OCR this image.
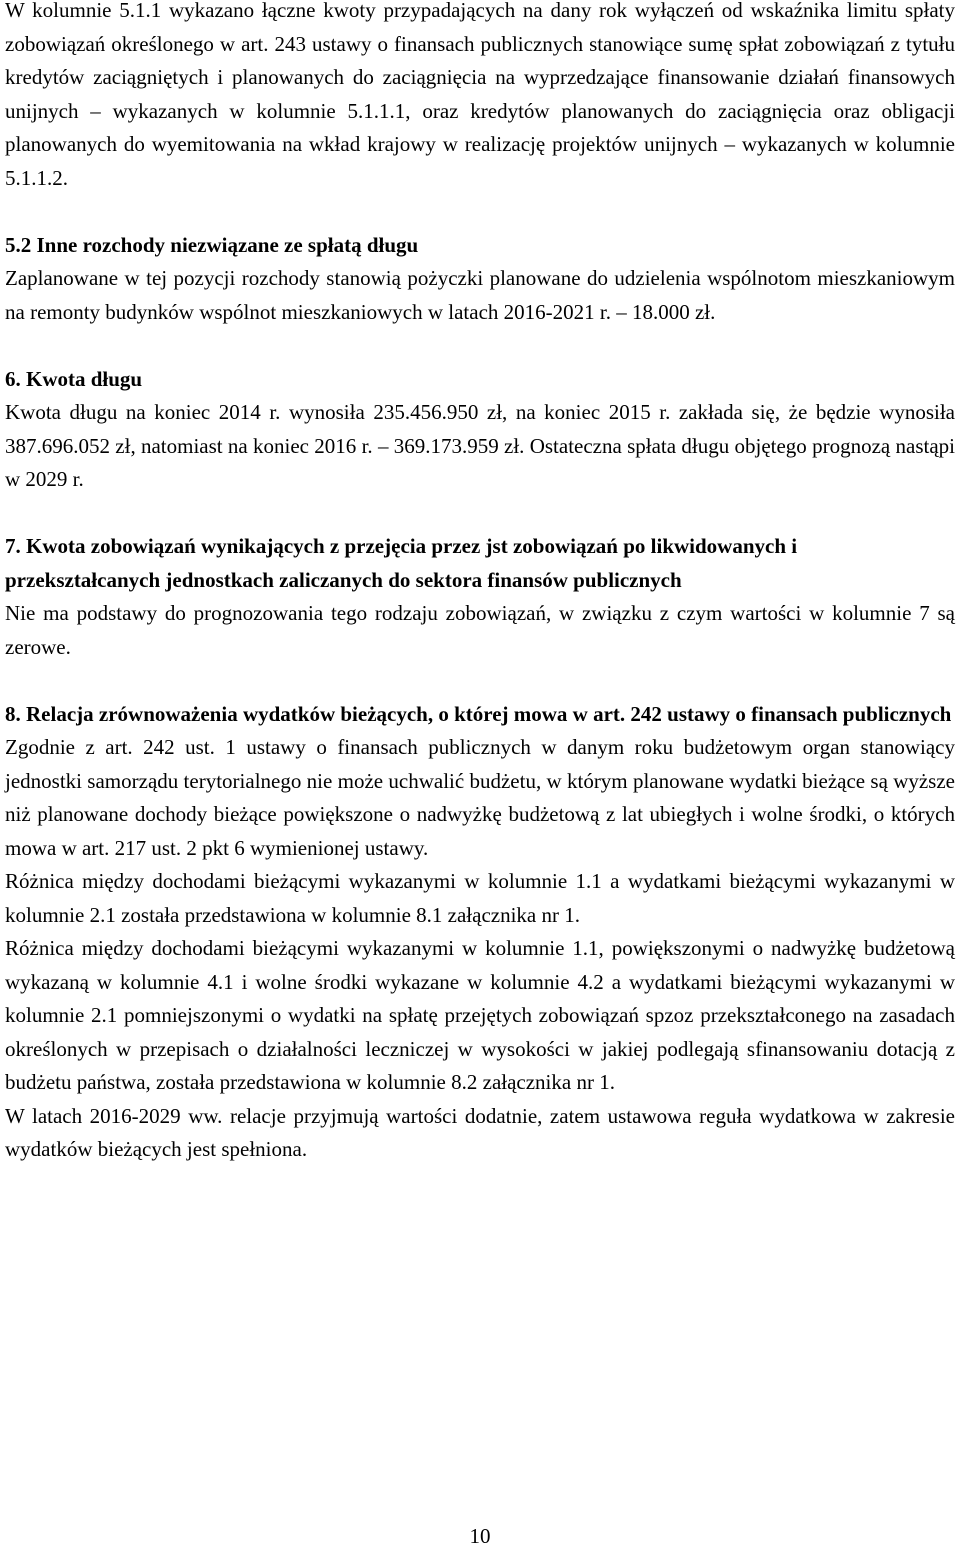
W kolumnie 5.1.1 wykazano łączne kwoty przypadających na dany rok wyłączeń od wskaźnika limitu spłaty zobowiązań określonego w art. 243 ustawy o finansach publicznych stanowiące sumę spłat zobowiązań z tytułu kredytów zaciągniętych i planowanych do zaciągnięcia na wyprzedzające finansowanie działań finansowych unijnych – wykazanych w kolumnie 5.1.1.1, oraz kredytów planowanych do zaciągnięcia oraz obligacji planowanych do wyemitowania na wkład krajowy w realizację projektów unijnych – wykazanych w kolumnie 5.1.1.2.

5.2 Inne rozchody niezwiązane ze spłatą długu

Zaplanowane w tej pozycji rozchody stanowią pożyczki planowane do udzielenia wspólnotom mieszkaniowym na remonty budynków wspólnot mieszkaniowych w latach 2016-2021 r. – 18.000 zł.

6. Kwota długu

Kwota długu na koniec 2014 r. wynosiła 235.456.950 zł, na koniec 2015 r. zakłada się, że będzie wynosiła 387.696.052 zł, natomiast na koniec 2016 r. – 369.173.959 zł. Ostateczna spłata długu objętego prognozą nastąpi w 2029 r.

7. Kwota zobowiązań wynikających z przejęcia przez jst zobowiązań po likwidowanych i przekształcanych jednostkach zaliczanych do sektora finansów publicznych

Nie ma podstawy do prognozowania tego rodzaju zobowiązań, w związku z czym wartości w kolumnie 7 są zerowe.

8. Relacja zrównoważenia wydatków bieżących, o której mowa w art. 242 ustawy o finansach publicznych

Zgodnie z art. 242 ust. 1 ustawy o finansach publicznych w danym roku budżetowym organ stanowiący jednostki samorządu terytorialnego nie może uchwalić budżetu, w którym planowane wydatki bieżące są wyższe niż planowane dochody bieżące powiększone o nadwyżkę budżetową z lat ubiegłych i wolne środki, o których mowa w art. 217 ust. 2 pkt 6 wymienionej ustawy.

Różnica między dochodami bieżącymi wykazanymi w kolumnie 1.1 a wydatkami bieżącymi wykazanymi w kolumnie 2.1 została przedstawiona w kolumnie 8.1 załącznika nr 1.

Różnica między dochodami bieżącymi wykazanymi w kolumnie 1.1, powiększonymi o nadwyżkę budżetową wykazaną w kolumnie 4.1 i wolne środki wykazane w kolumnie 4.2 a wydatkami bieżącymi wykazanymi w kolumnie 2.1 pomniejszonymi o wydatki na spłatę przejętych zobowiązań spzoz przekształconego na zasadach określonych w przepisach o działalności leczniczej w wysokości w jakiej podlegają sfinansowaniu dotacją z budżetu państwa, została przedstawiona w kolumnie 8.2 załącznika nr 1.

W latach 2016-2029 ww. relacje przyjmują wartości dodatnie, zatem ustawowa reguła wydatkowa w zakresie wydatków bieżących jest spełniona.

10
